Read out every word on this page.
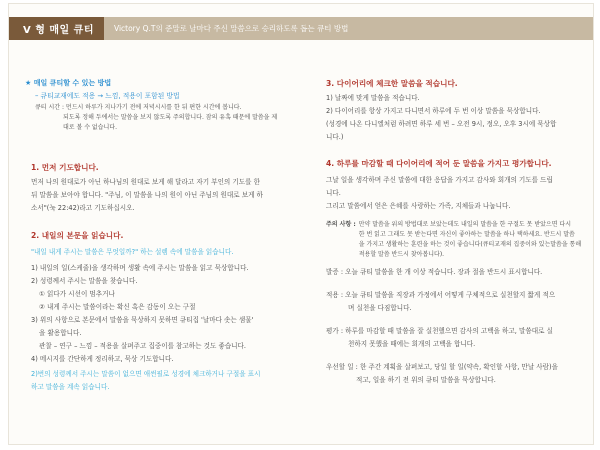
V 형 매일 큐티	Victory Q.T의 준말로 날마다 주신 말씀으로 승리하도록 돕는 큐티 방법
★ 매일 큐티할 수 있는 방법
– 큐티교재에도 적용 → 느낌, 적용이 포함된 방법

큐티 시간 : 먼드시 하루가 지나가기 전에 저녁시시를 한 뒤 편한 시간에 봅니다.

되도록 정해 두에서는 말씀을 보지 않도록 주의합니다. 잠의 유혹 때문에 말씀을 제

대로 볼 수 없습니다.

1. 먼저 기도합니다.

먼저 나의 원대로가 아닌 하나님의 원대로 보게 해 달라고 자기 부인의 기도를 한

뒤 말씀을 보아야 합니다. "주님, 이 말씀을 나의 원이 아닌 주님의 원대로 보게 하

소서"(눅 22:42)라고 기도하십시오.

2. 내일의 본문을 읽습니다.
"내일 내게 주시는 말씀은 무엇일까?" 하는 설렘 속에 말씀을 읽습니다.

1) 내일의 일(스케줄)을 생각하며 생활 속에 주시는 말씀을 읽고 묵상합니다.

2) 성령께서 주시는 말씀을 찾습니다.

① 읽다가 시선이 멈추거나

② 내게 주시는 말씀이라는 확신 혹은 감동이 오는 구절

3) 위의 사항으로 본문에서 말씀을 묵상하지 못하면 큐티집 '날마다 솟는 샘물'

을 활용합니다.

관찰 – 연구 – 느낌 – 적용을 살펴주고 집중이를 참고하는 것도 좋습니다.

4) 메시지를 간단하게 정리하고, 묵상 기도합니다.

2)번의 성령께서 주시는 말씀이 없으면 애썬필로 성경에 체크하거나 구절을 표시

하고 말씀을 계속 읽습니다.

3. 다이어리에 체크한 말씀을 적습니다.

1) 날짜에 맞게 말씀을 적습니다.

2) 다이어리를 항상 가지고 다니면서 하루에 두 번 이상 말씀을 묵상합니다.

(성경에 나온 다니엘처럼 하려면 하루 세 번 – 오전 9시, 정오, 오후 3시에 묵상합

니다.)

4. 하루를 마감할 때 다이어리에 적어 둔 말씀을 가지고 평가합니다.

그날 일을 생각하며 주신 말씀에 대한 응답을 가지고 감사와 회개의 기도를 드립

니다.

그리고 말씀에서 얻은 은혜를 사랑하는 가족, 지체들과 나눕니다.

주의 사항 : 만약 말씀을 위의 방법대로 보았는데도 내일의 말씀을 한 구절도 못 받았으면 다시

한 번 읽고 그래도 못 받는다면 자신이 좋아하는 말씀을 하나 택하세요. 반드시 말씀

을 가지고 생활하는 훈련을 하는 것이 좋습니다(큐티교재의 집중이와 있는말씀을 통해

적용할 말씀 반드시 찾아봅니다).

발증 : 오늘 큐티 말씀을 한 개 이상 적습니다. 장과 절을 반드시 표시합니다.

적용 : 오늘 큐티 말씀을 직장과 가정에서 어떻게 구체적으로 실천할지 짧게 적으

며 실천을 다짐합니다.

평가 : 하루를 마감할 때 말씀을 잘 실천했으면 감사의 고백을 하고, 말씀대로 실

천하지 못했을 때에는 회개의 고백을 합니다.

우선할 일 : 한 주간 계획을 살펴보고, 당일 할 일(약속, 확인할 사항, 만날 사람)을

적고, 일을 하기 전 위의 큐티 말씀을 묵상합니다.
